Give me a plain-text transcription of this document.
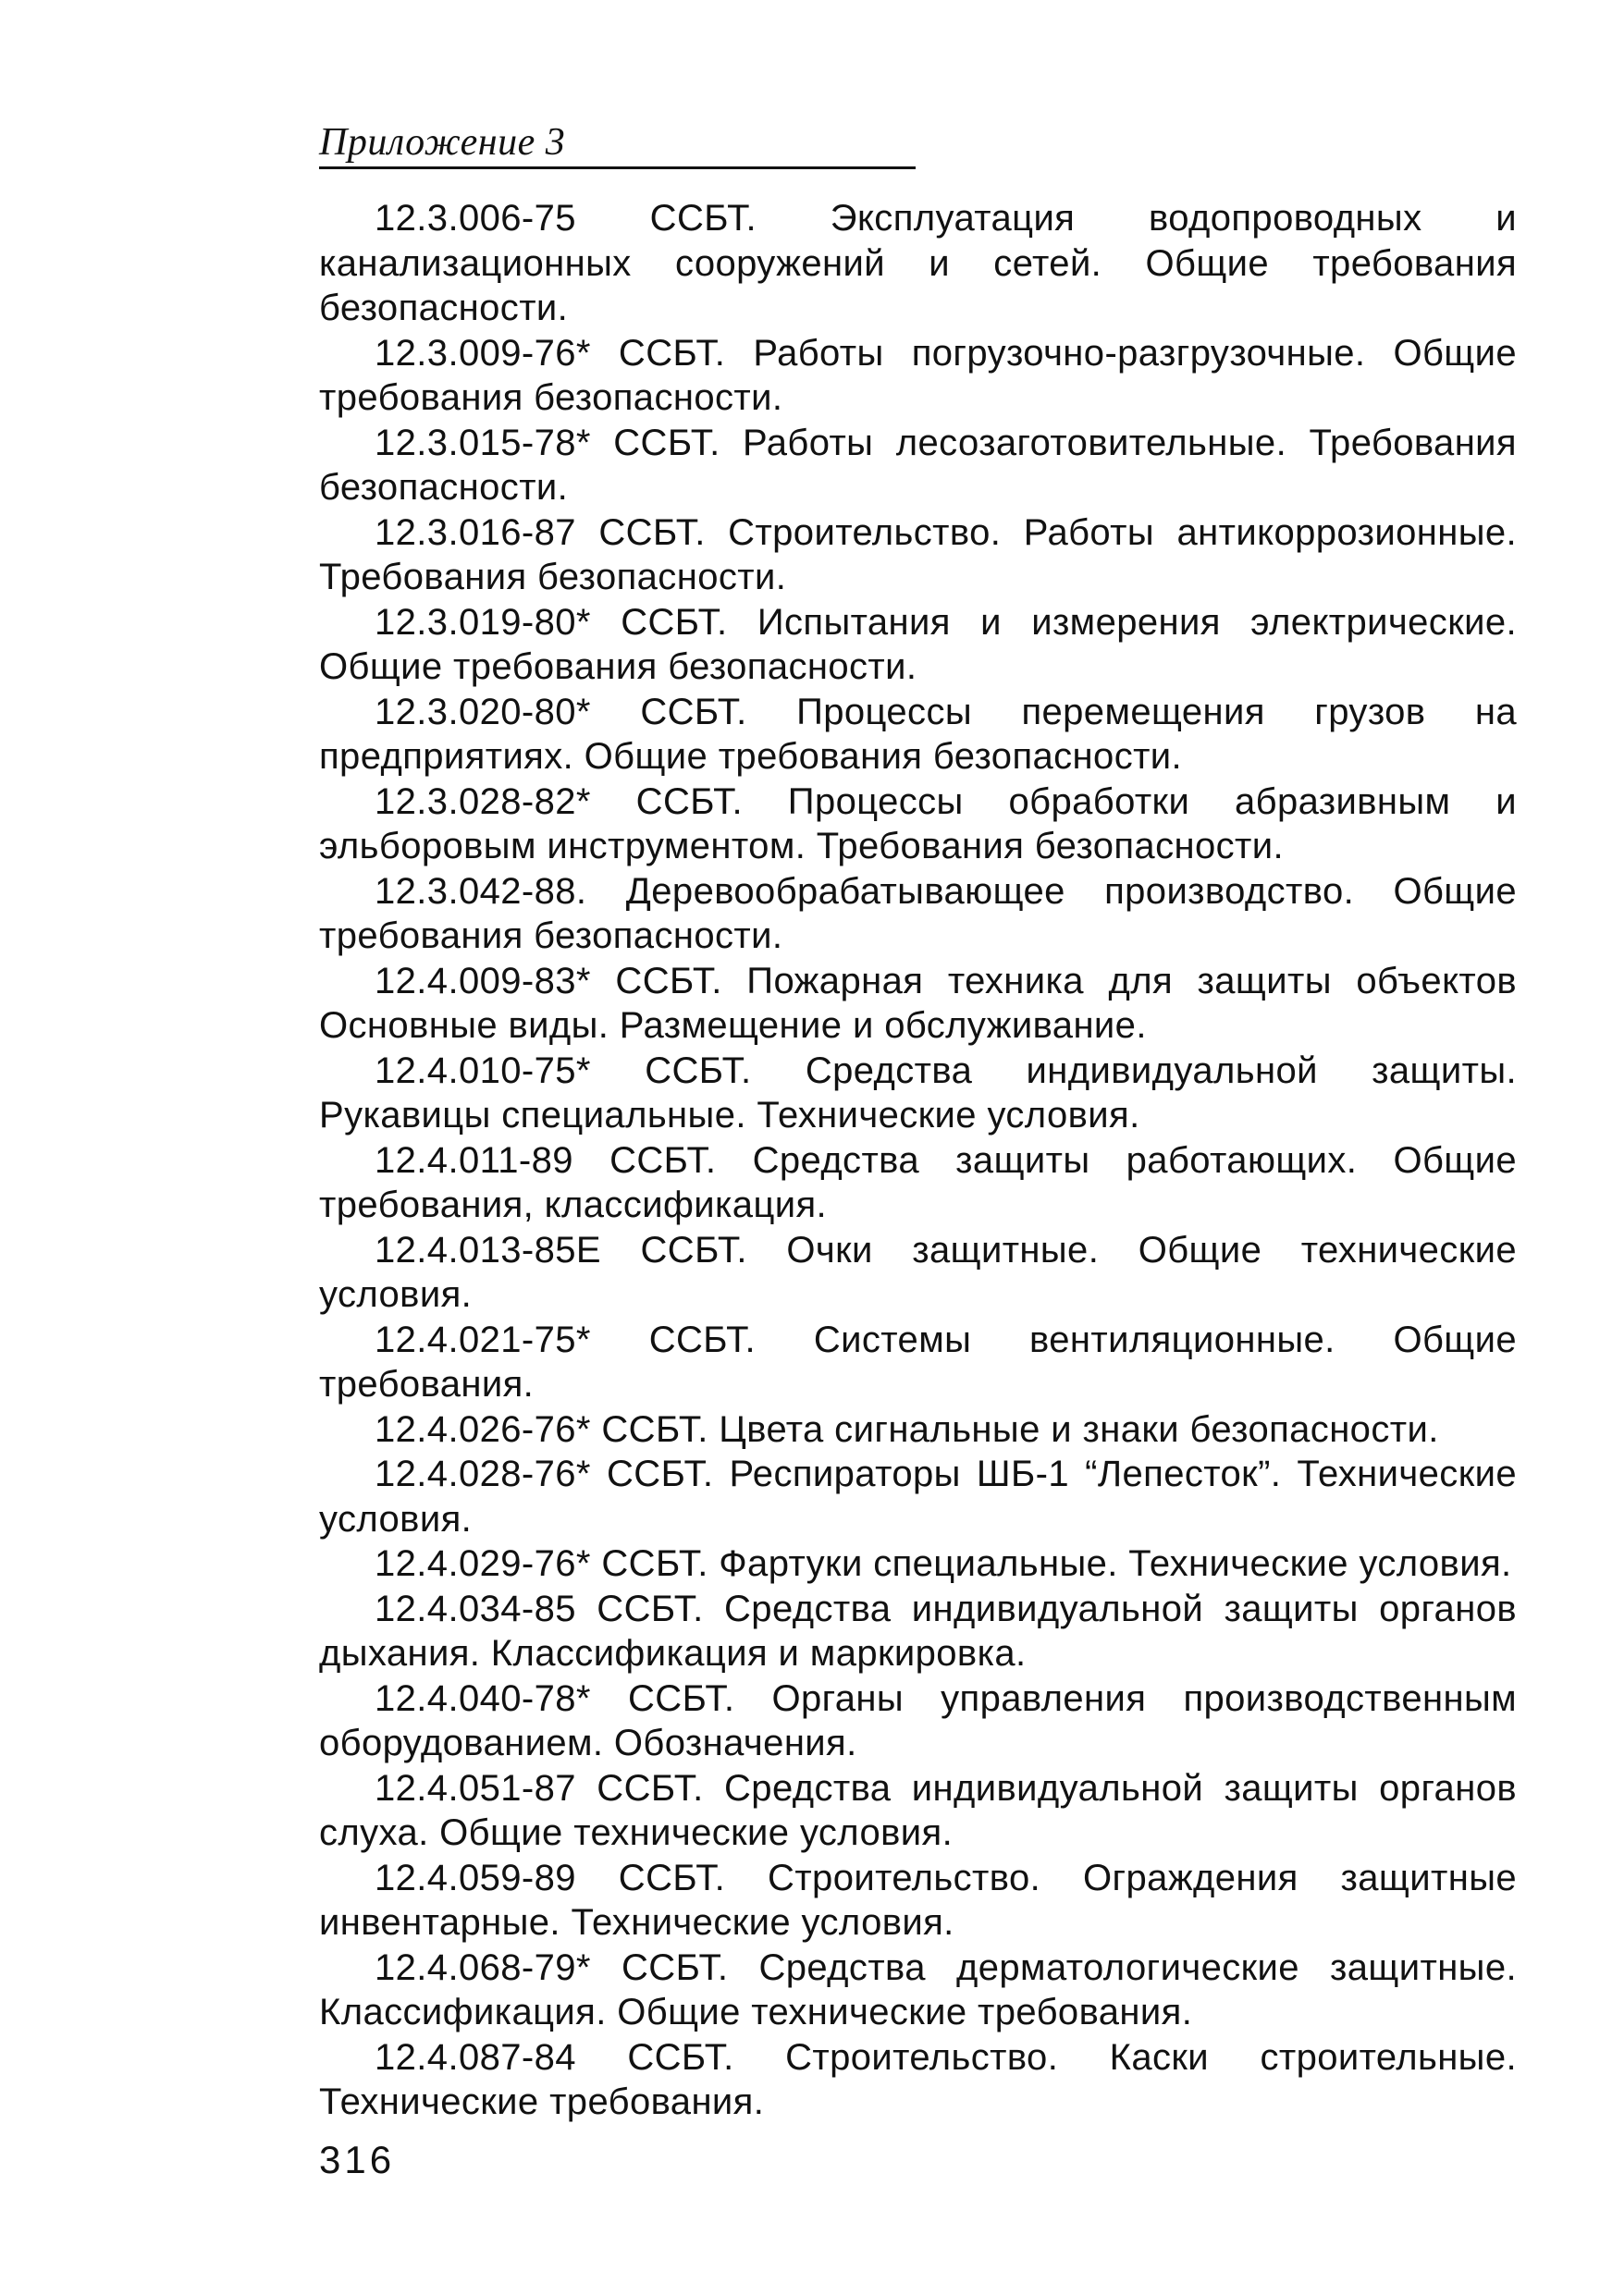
Приложение 3

12.3.006-75 ССБТ. Эксплуатация водопроводных и канализационных сооружений и сетей. Общие требования безопасности.

12.3.009-76* ССБТ. Работы погрузочно-разгрузочные. Общие требования безопасности.

12.3.015-78* ССБТ. Работы лесозаготовительные. Требования безопасности.

12.3.016-87 ССБТ. Строительство. Работы антикоррозионные. Требования безопасности.

12.3.019-80* ССБТ. Испытания и измерения электрические. Общие требования безопасности.

12.3.020-80* ССБТ. Процессы перемещения грузов на предприятиях. Общие требования безопасности.

12.3.028-82* ССБТ. Процессы обработки абразивным и эльборовым инструментом. Требования безопасности.

12.3.042-88. Деревообрабатывающее производство. Общие требования безопасности.

12.4.009-83* ССБТ. Пожарная техника для защиты объектов Основные виды. Размещение и обслуживание.

12.4.010-75* ССБТ. Средства индивидуальной защиты. Рукавицы специальные. Технические условия.

12.4.011-89 ССБТ. Средства защиты работающих. Общие требования, классификация.

12.4.013-85Е ССБТ. Очки защитные. Общие технические условия.

12.4.021-75* ССБТ. Системы вентиляционные. Общие требования.

12.4.026-76* ССБТ. Цвета сигнальные и знаки безопасности.

12.4.028-76* ССБТ. Респираторы ШБ-1 “Лепесток”. Технические условия.

12.4.029-76* ССБТ. Фартуки специальные. Технические условия.

12.4.034-85 ССБТ. Средства индивидуальной защиты органов дыхания. Классификация и маркировка.

12.4.040-78* ССБТ. Органы управления производственным оборудованием. Обозначения.

12.4.051-87 ССБТ. Средства индивидуальной защиты органов слуха. Общие технические условия.

12.4.059-89 ССБТ. Строительство. Ограждения защитные инвентарные. Технические условия.

12.4.068-79* ССБТ. Средства дерматологические защитные. Классификация. Общие технические требования.

12.4.087-84 ССБТ. Строительство. Каски строительные. Технические требования.

316
